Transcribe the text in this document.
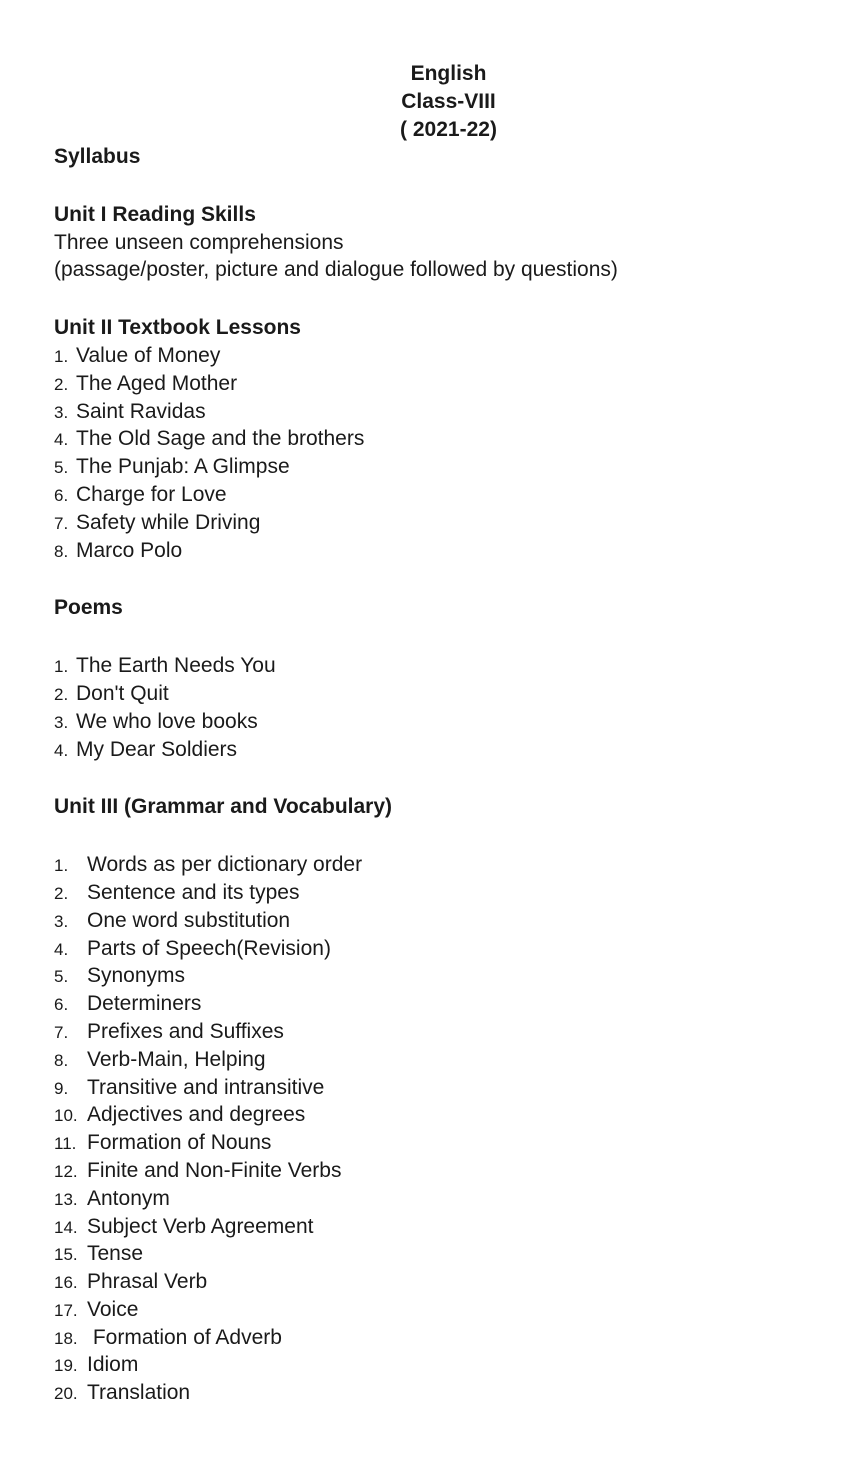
English
Class-VIII
( 2021-22)
Syllabus
Unit I Reading Skills
Three unseen comprehensions
(passage/poster, picture and dialogue followed by questions)
Unit II Textbook Lessons
1. Value of Money
2. The Aged Mother
3. Saint Ravidas
4. The Old Sage and the brothers
5. The Punjab: A Glimpse
6. Charge for Love
7. Safety while Driving
8. Marco Polo
Poems
1. The Earth Needs You
2. Don't Quit
3. We who love books
4. My Dear Soldiers
Unit III (Grammar and Vocabulary)
1. Words as per dictionary order
2. Sentence and its types
3. One word substitution
4. Parts of Speech(Revision)
5. Synonyms
6. Determiners
7. Prefixes and Suffixes
8. Verb-Main, Helping
9. Transitive and intransitive
10. Adjectives and degrees
11. Formation of Nouns
12. Finite and Non-Finite Verbs
13. Antonym
14. Subject Verb Agreement
15. Tense
16. Phrasal Verb
17. Voice
18. Formation of Adverb
19. Idiom
20. Translation
